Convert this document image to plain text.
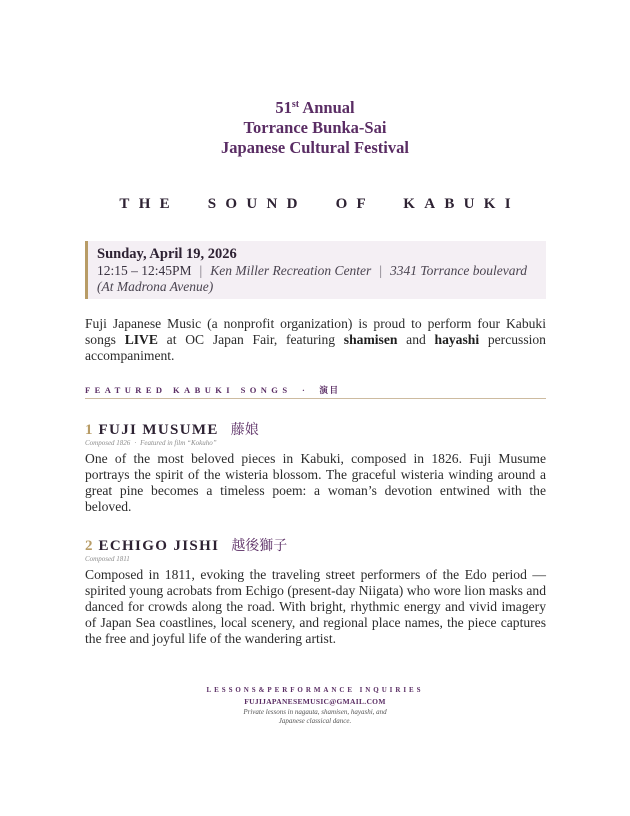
51st Annual
Torrance Bunka-Sai
Japanese Cultural Festival
THE SOUND OF KABUKI
Sunday, April 19, 2026
12:15 – 12:45PM | Ken Miller Recreation Center | 3341 Torrance boulevard (At Madrona Avenue)
Fuji Japanese Music (a nonprofit organization) is proud to perform four Kabuki songs LIVE at OC Japan Fair, featuring shamisen and hayashi percussion accompaniment.
FEATURED KABUKI SONGS · 演目
1 FUJI MUSUME 藤娘
Composed 1826 · Featured in film “Kokuho”
One of the most beloved pieces in Kabuki, composed in 1826. Fuji Musume portrays the spirit of the wisteria blossom. The graceful wisteria winding around a great pine becomes a timeless poem: a woman’s devotion entwined with the beloved.
2 ECHIGO JISHI 越後獅子
Composed 1811
Composed in 1811, evoking the traveling street performers of the Edo period — spirited young acrobats from Echigo (present-day Niigata) who wore lion masks and danced for crowds along the road. With bright, rhythmic energy and vivid imagery of Japan Sea coastlines, local scenery, and regional place names, the piece captures the free and joyful life of the wandering artist.
LESSONS&PERFORMANCE INQUIRIES
FUJIJAPANESEMUSIC@GMAIL.COM
Private lessons in nagauta, shamisen, hayashi, and
Japanese classical dance.
